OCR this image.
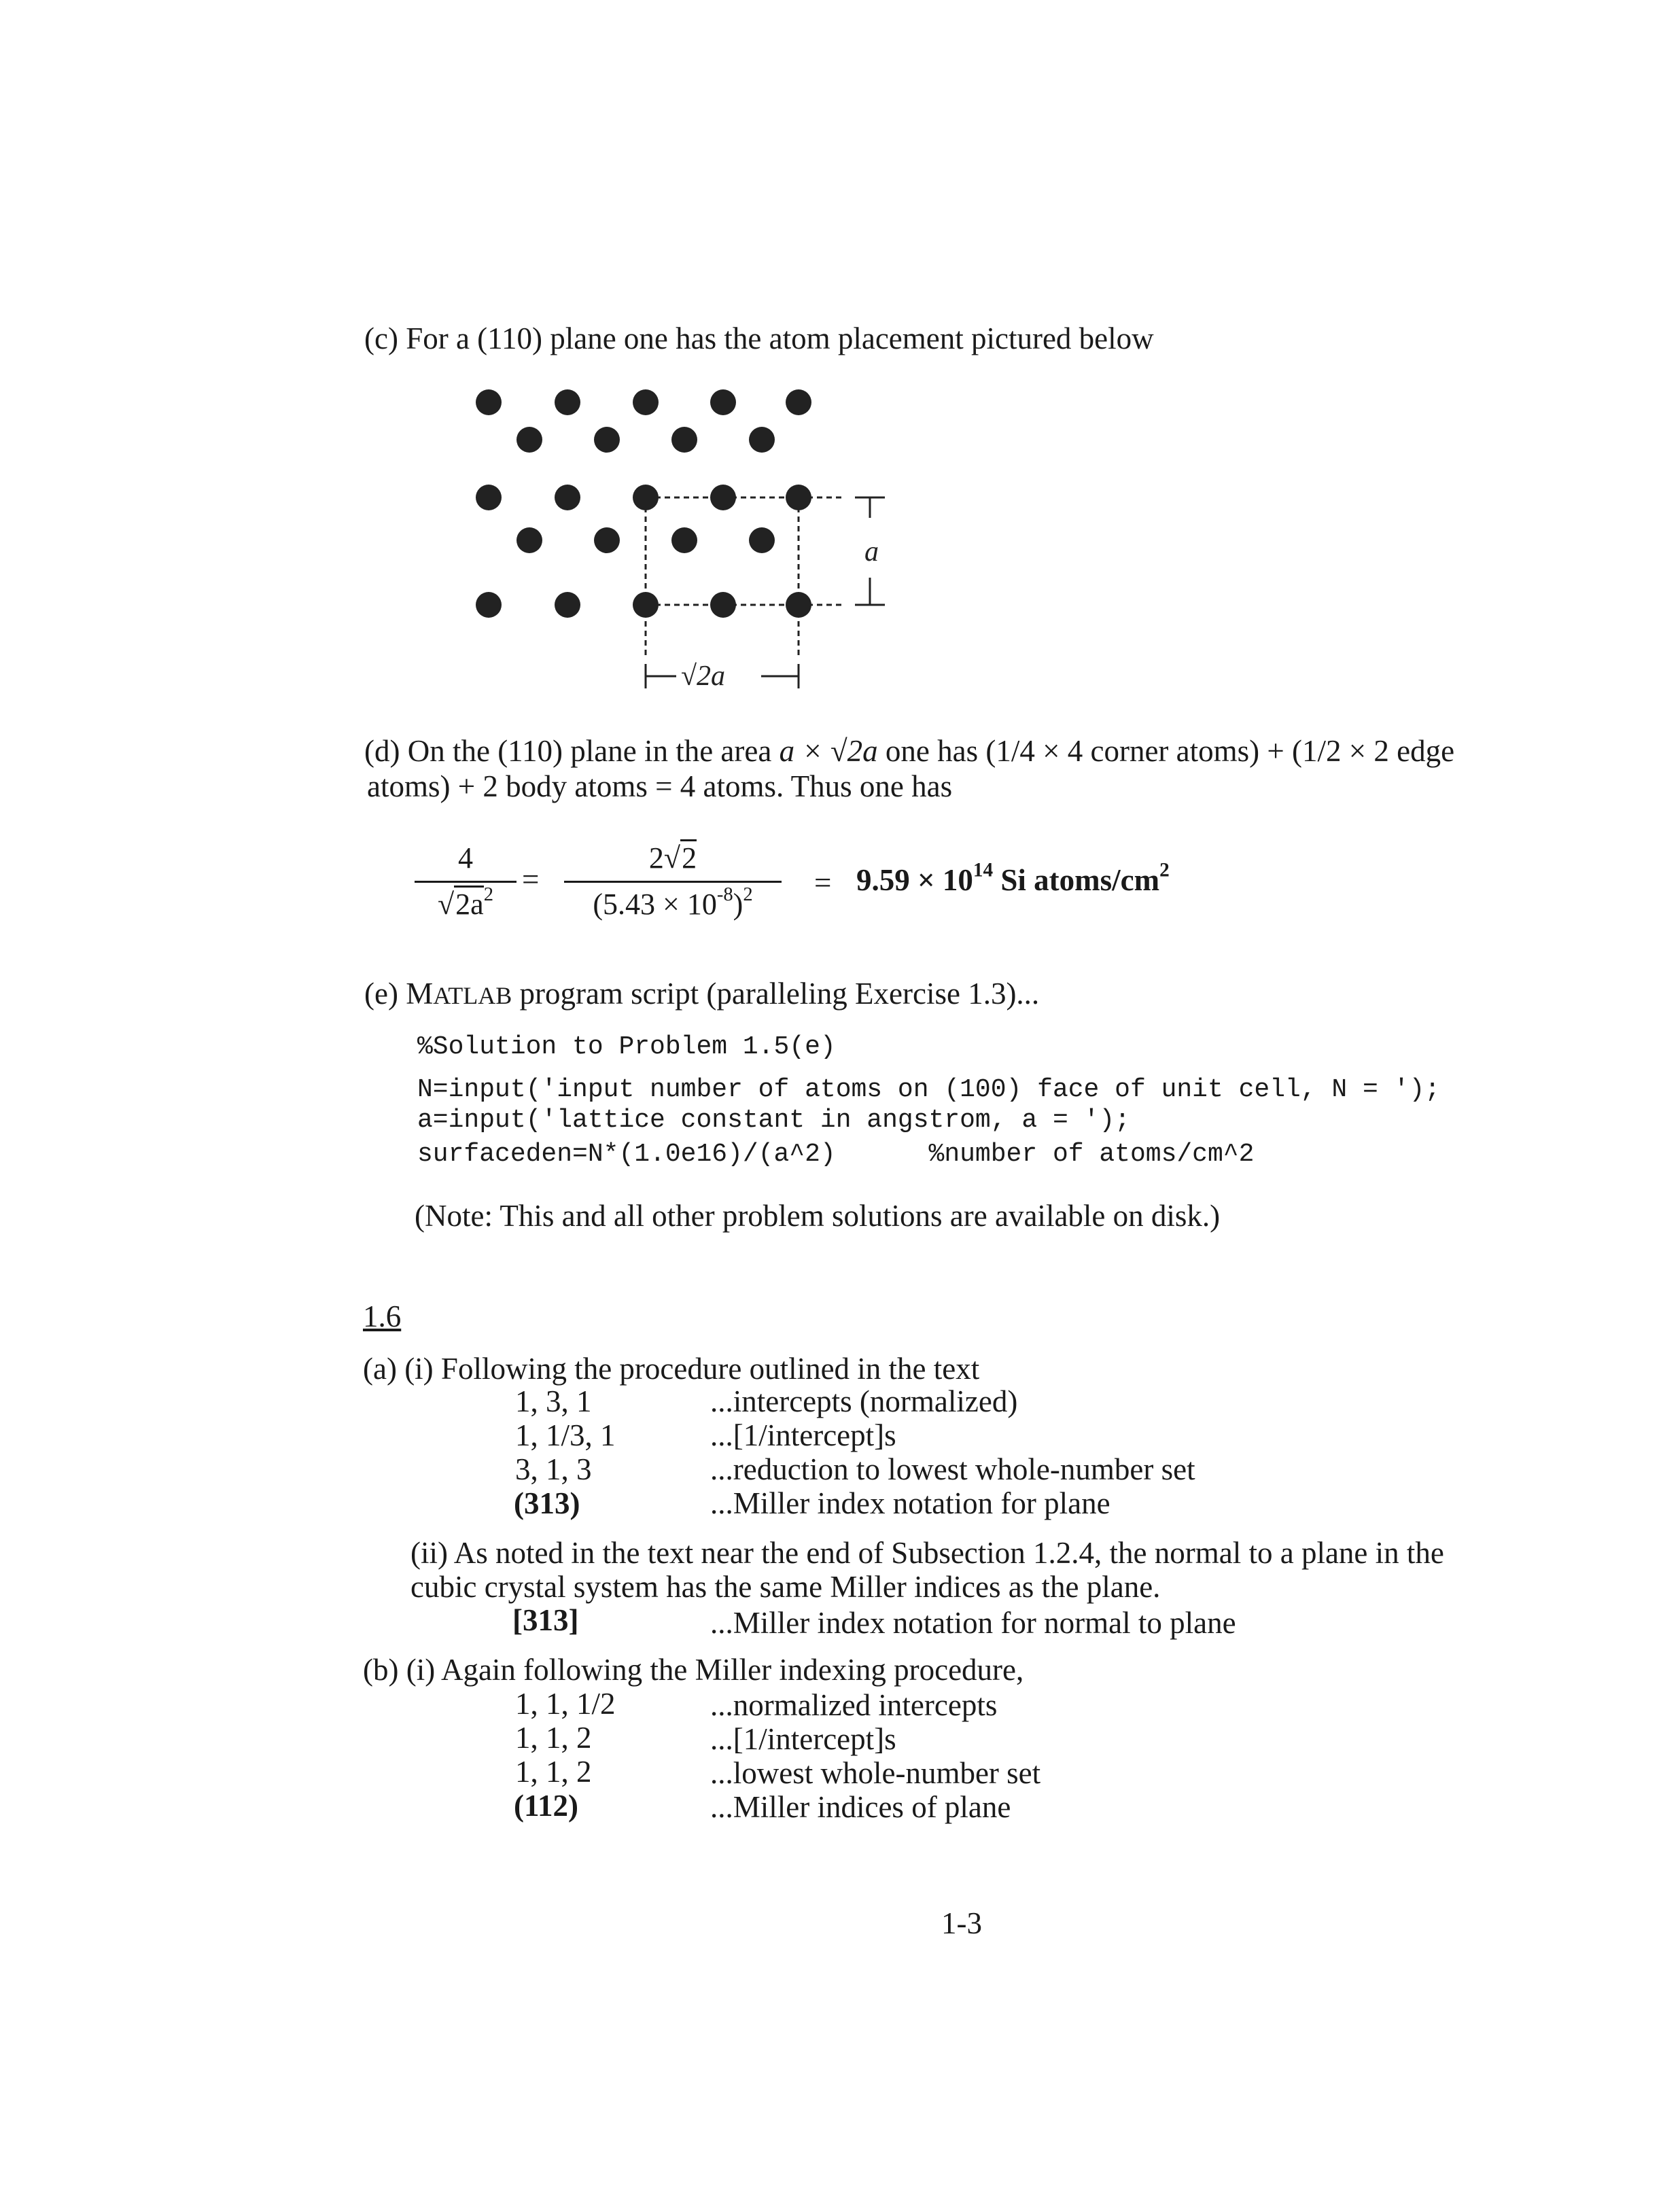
(c) For a (110) plane one has the atom placement pictured below
a
√2a
(d) On the (110) plane in the area a × √2a one has (1/4 × 4 corner atoms) + (1/2 × 2 edge
atoms) + 2 body atoms = 4 atoms. Thus one has
4
$√2a^2$ =
2√2
$(5.43 \times 10^{-8})^2$	= $9.59 \times 10^{14}$ Si atoms/$cm^2$
(e) MATLAB program script (paralleling Exercise 1.3)...
%Solution to Problem 1.5(e)
N=input('input number of atoms on (100) face of unit cell, N = ');
a=input('lattice constant in angstrom, a = ');
surfaceden=N*(1.0e16)/(a^2)      %number of atoms/cm^2
(Note: This and all other problem solutions are available on disk.)
1.6
(a) (i) Following the procedure outlined in the text
1, 3, 1	...intercepts (normalized)
1, 1/3, 1	...[1/intercept]s
3, 1, 3	...reduction to lowest whole-number set
(313)	...Miller index notation for plane
(ii) As noted in the text near the end of Subsection 1.2.4, the normal to a plane in the
cubic crystal system has the same Miller indices as the plane.
[313]	...Miller index notation for normal to plane
(b) (i) Again following the Miller indexing procedure,
1, 1, 1/2	...normalized intercepts
1, 1, 2	...[1/intercept]s
1, 1, 2	...lowest whole-number set
(112)	...Miller indices of plane
1-3
